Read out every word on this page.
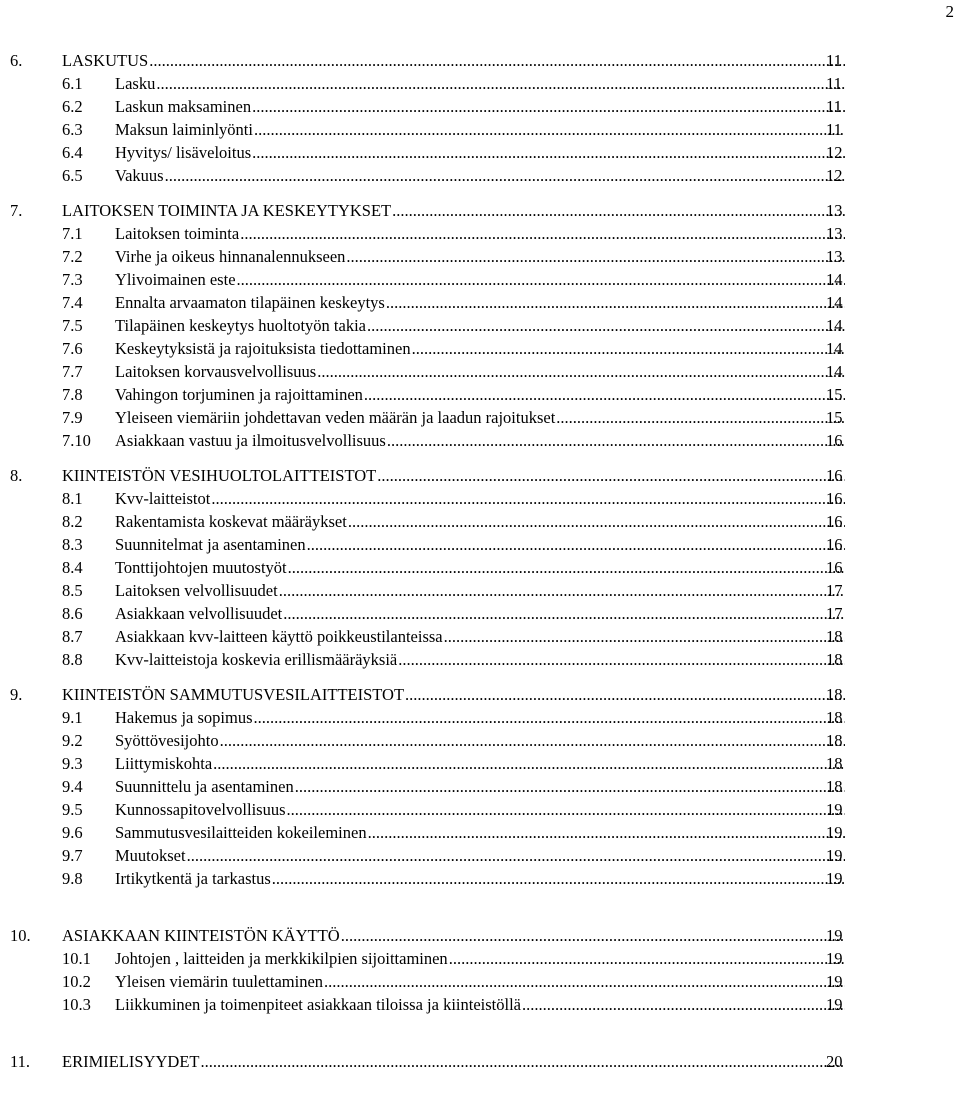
2
6. LASKUTUS .....	11
6.1 Lasku .....	11
6.2 Laskun maksaminen .....	11
6.3 Maksun laiminlyönti .....	11
6.4 Hyvitys/ lisäveloitus .....	12
6.5 Vakuus .....	12
7. LAITOKSEN TOIMINTA JA KESKEYTYKSET .....	13
7.1 Laitoksen toiminta .....	13
7.2 Virhe ja oikeus hinnanalennukseen .....	13
7.3 Ylivoimainen este .....	14
7.4 Ennalta arvaamaton tilapäinen keskeytys .....	14
7.5 Tilapäinen keskeytys huoltotyön takia .....	14
7.6 Keskeytyksistä ja rajoituksista tiedottaminen .....	14
7.7 Laitoksen korvausvelvollisuus .....	14
7.8 Vahingon torjuminen ja rajoittaminen .....	15
7.9 Yleiseen viemäriin johdettavan veden määrän ja laadun rajoitukset .....	15
7.10 Asiakkaan vastuu ja ilmoitusvelvollisuus .....	16
8. KIINTEISTÖN VESIHUOLTOLAITTEISTOT .....	16
8.1 Kvv-laitteistot .....	16
8.2 Rakentamista koskevat määräykset .....	16
8.3 Suunnitelmat ja asentaminen .....	16
8.4 Tonttijohtojen muutostyöt .....	16
8.5 Laitoksen velvollisuudet .....	17
8.6 Asiakkaan velvollisuudet .....	17
8.7 Asiakkaan kvv-laitteen käyttö poikkeustilanteissa .....	18
8.8 Kvv-laitteistoja koskevia erillismääräyksiä .....	18
9. KIINTEISTÖN SAMMUTUSVESILAITTEISTOT .....	18
9.1 Hakemus ja sopimus .....	18
9.2 Syöttövesijohto .....	18
9.3 Liittymiskohta .....	18
9.4 Suunnittelu ja asentaminen .....	18
9.5 Kunnossapitovelvollisuus .....	19
9.6 Sammutusvesilaitteiden kokeileminen .....	19
9.7 Muutokset .....	19
9.8 Irtikytkentä ja tarkastus .....	19
10. ASIAKKAAN KIINTEISTÖN KÄYTTÖ .....	19
10.1 Johtojen , laitteiden ja merkkikilpien sijoittaminen .....	19
10.2 Yleisen viemärin tuulettaminen .....	19
10.3 Liikkuminen ja toimenpiteet asiakkaan tiloissa ja kiinteistöllä .....	19
11. ERIMIELISYYDET .....	20
